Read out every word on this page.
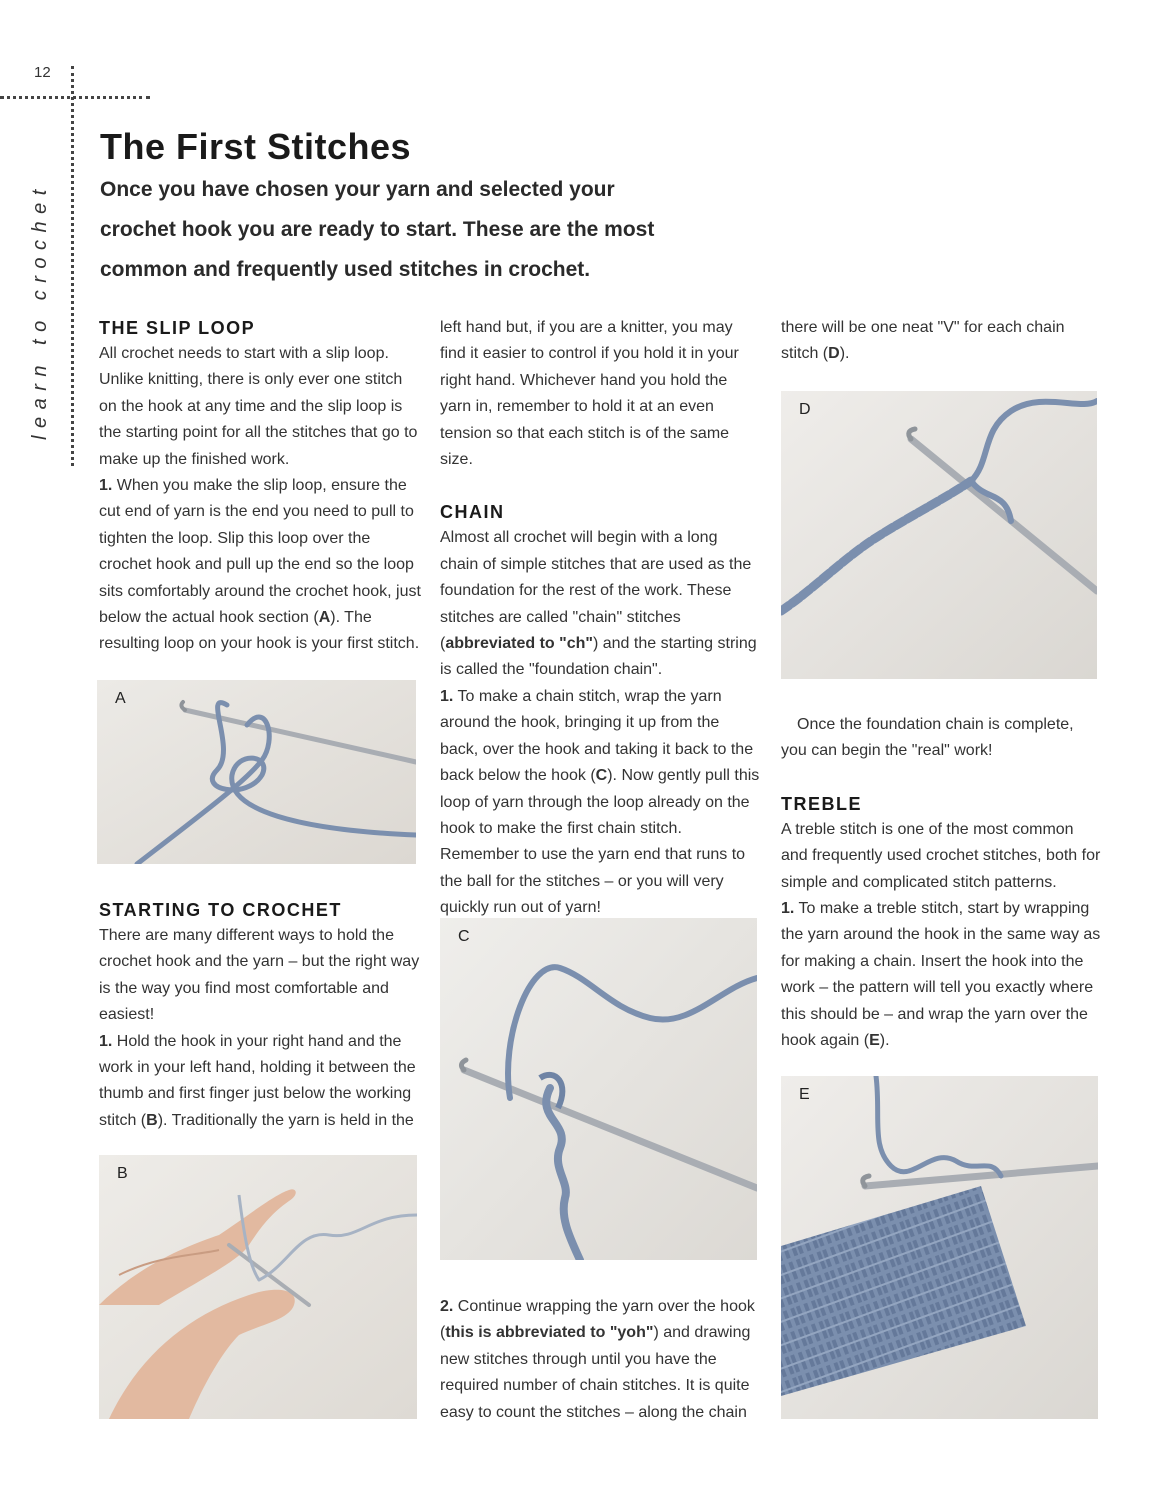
12
learn to crochet
The First Stitches

Once you have chosen your yarn and selected your crochet hook you are ready to start. These are the most common and frequently used stitches in crochet.

THE SLIP LOOP

All crochet needs to start with a slip loop. Unlike knitting, there is only ever one stitch on the hook at any time and the slip loop is the starting point for all the stitches that go to make up the finished work.

1. When you make the slip loop, ensure the cut end of yarn is the end you need to pull to tighten the loop. Slip this loop over the crochet hook and pull up the end so the loop sits comfortably around the crochet hook, just below the actual hook section (A). The resulting loop on your hook is your first stitch.

A
STARTING TO CROCHET

There are many different ways to hold the crochet hook and the yarn – but the right way is the way you find most comfortable and easiest!

1. Hold the hook in your right hand and the work in your left hand, holding it between the thumb and first finger just below the working stitch (B). Traditionally the yarn is held in the

B

left hand but, if you are a knitter, you may find it easier to control if you hold it in your right hand. Whichever hand you hold the yarn in, remember to hold it at an even tension so that each stitch is of the same size.

CHAIN

Almost all crochet will begin with a long chain of simple stitches that are used as the foundation for the rest of the work. These stitches are called "chain" stitches (abbreviated to "ch") and the starting string is called the "foundation chain".

1. To make a chain stitch, wrap the yarn around the hook, bringing it up from the back, over the hook and taking it back to the back below the hook (C). Now gently pull this loop of yarn through the loop already on the hook to make the first chain stitch. Remember to use the yarn end that runs to the ball for the stitches – or you will very quickly run out of yarn!

C

2. Continue wrapping the yarn over the hook (this is abbreviated to "yoh") and drawing new stitches through until you have the required number of chain stitches. It is quite easy to count the stitches – along the chain

there will be one neat "V" for each chain stitch (D).

D

Once the foundation chain is complete, you can begin the "real" work!

TREBLE

A treble stitch is one of the most common and frequently used crochet stitches, both for simple and complicated stitch patterns.

1. To make a treble stitch, start by wrapping the yarn around the hook in the same way as for making a chain. Insert the hook into the work – the pattern will tell you exactly where this should be – and wrap the yarn over the hook again (E).

E
